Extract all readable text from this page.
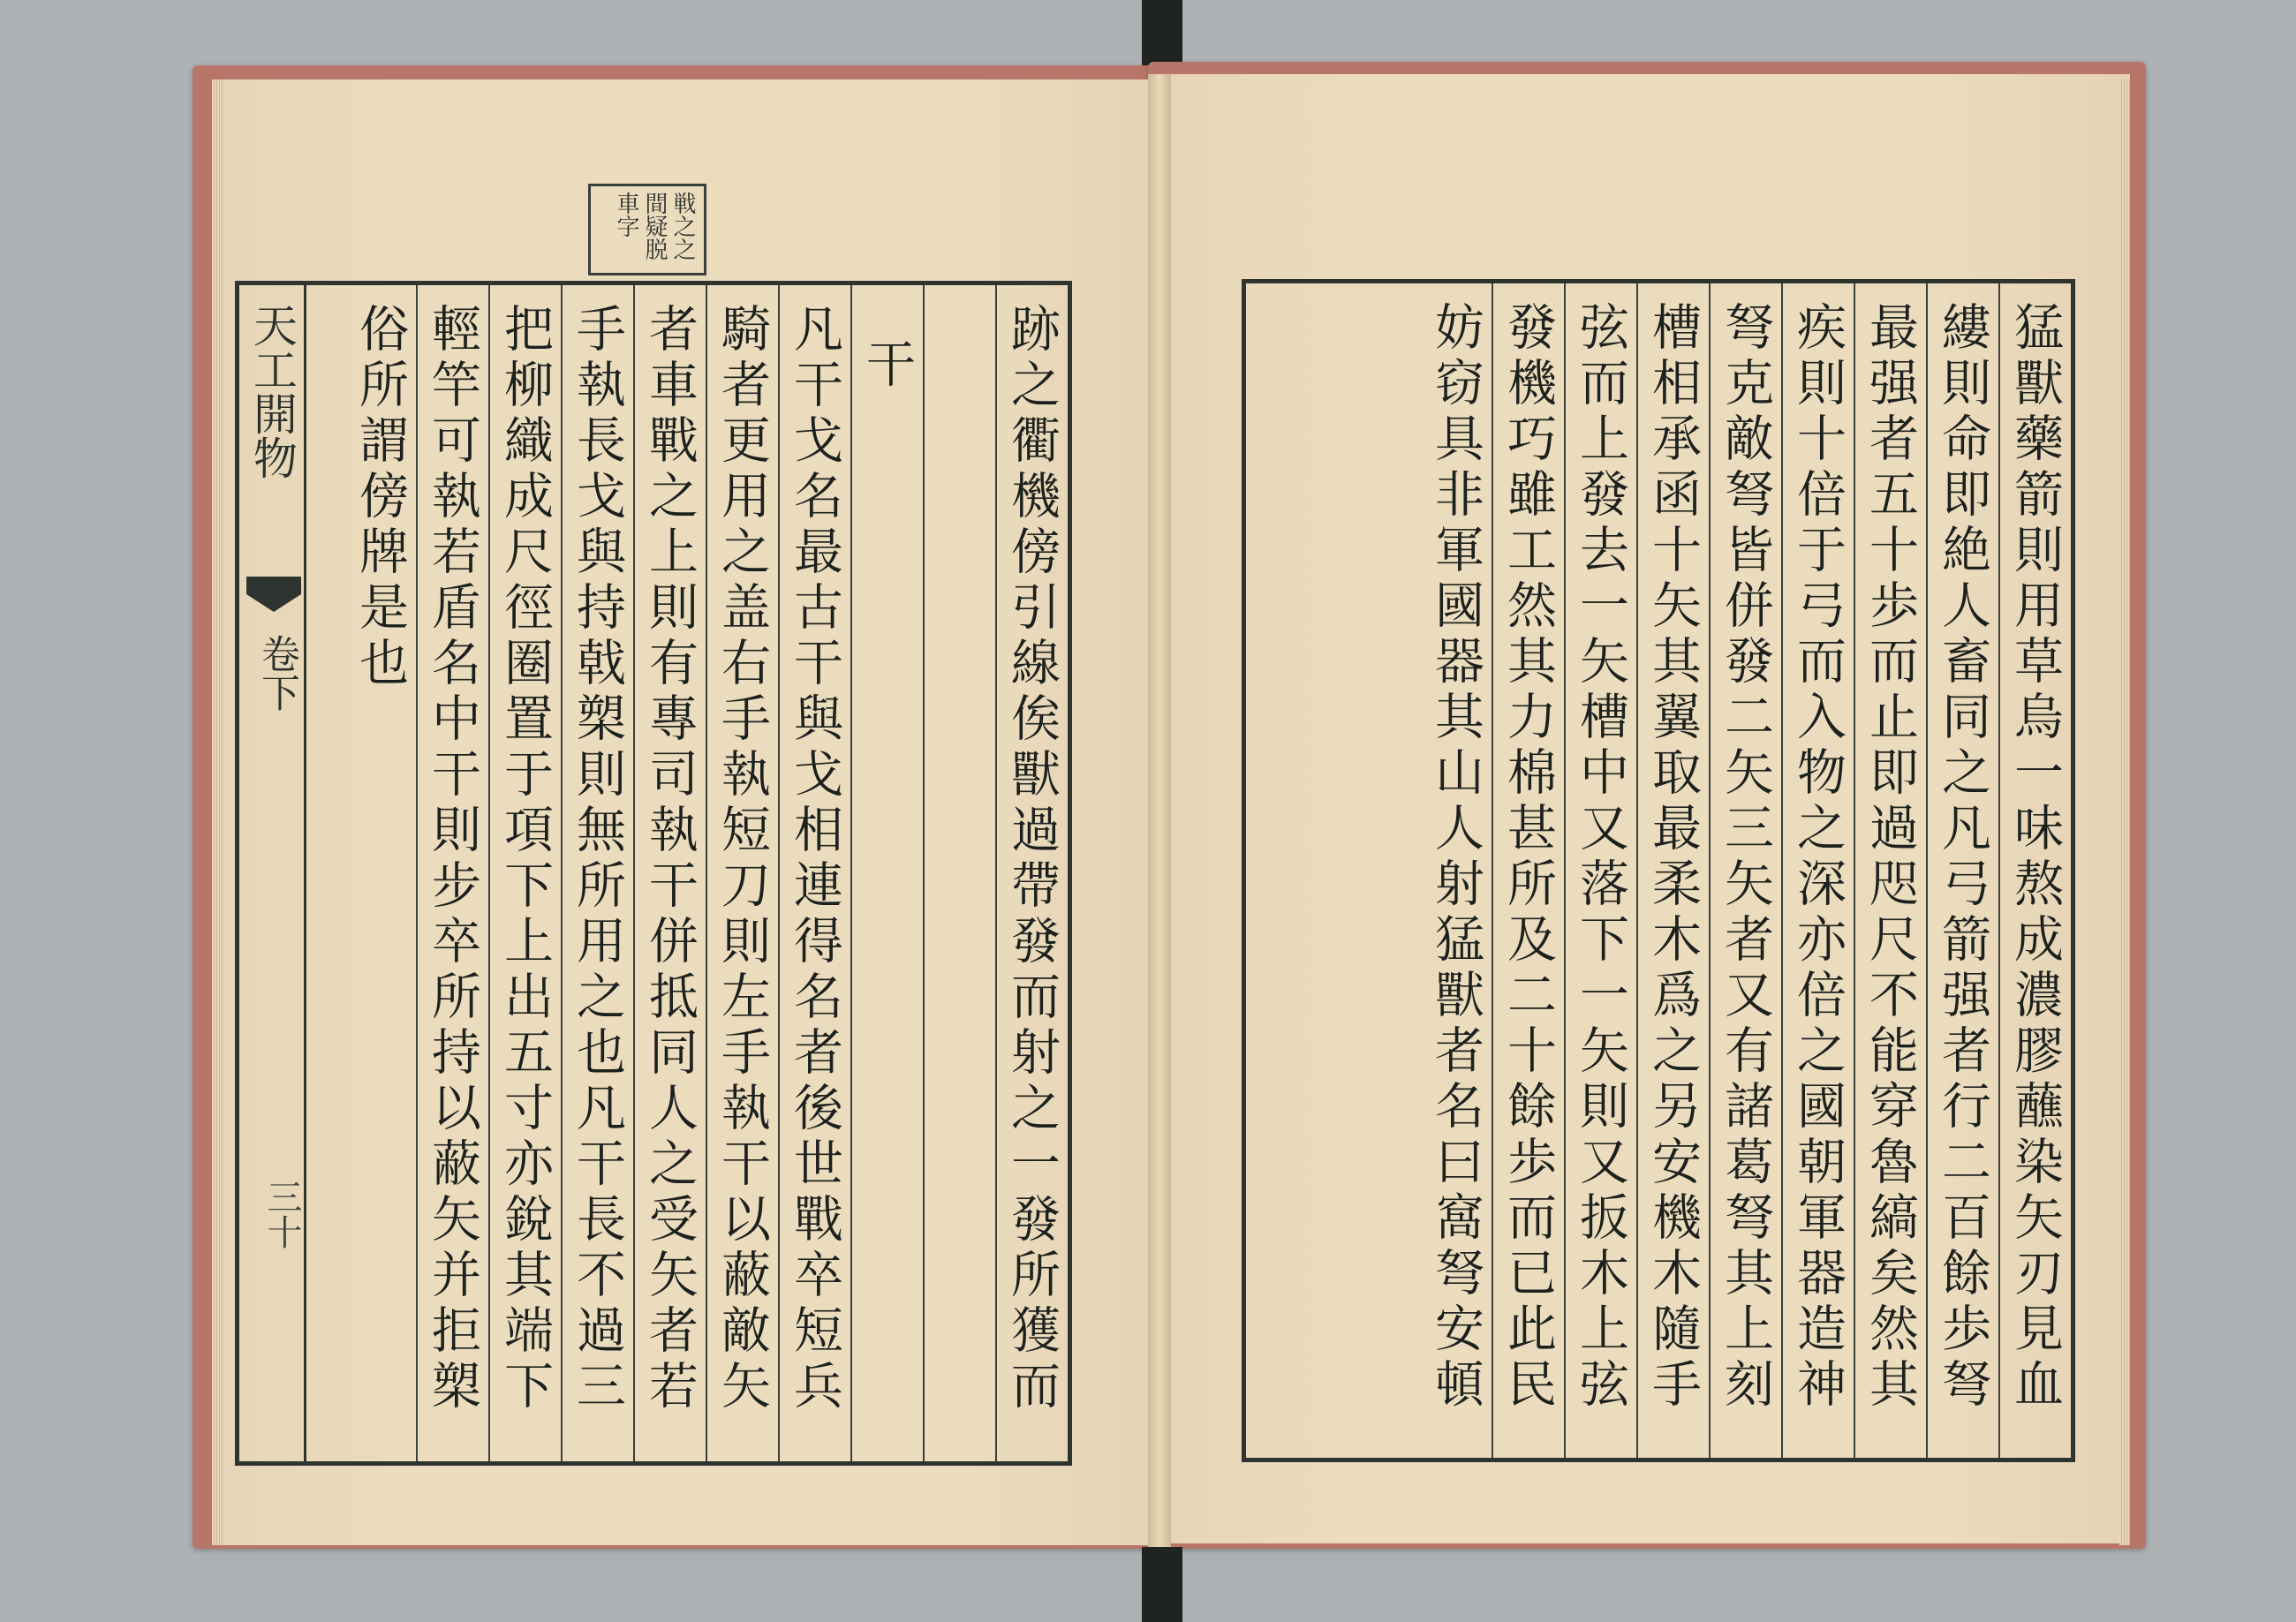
戦之之間疑脱車字
天工開物
卷下
三十
跡之衢機傍引線俟獸過帶發而射之一發所獲而
干
凡干戈名最古干與戈相連得名者後世戰卒短兵
騎者更用之盖右手執短刀則左手執干以蔽敵矢
者車戰之上則有專司執干併抵同人之受矢者若
手執長戈與持戟槊則無所用之也凡干長不過三
把柳織成尺徑圈置于項下上出五寸亦銳其端下
輕竿可執若盾名中干則步卒所持以蔽矢并拒槊
俗所謂傍牌是也	猛獸藥箭則用草烏一味熬成濃膠蘸染矢刃見血
縷則命即絶人畜同之凡弓箭强者行二百餘歩弩
最强者五十歩而止即過咫尺不能穿魯縞矣然其
疾則十倍于弓而入物之深亦倍之國朝軍器造神
弩克敵弩皆併發二矢三矢者又有諸葛弩其上刻
槽相承函十矢其翼取最柔木爲之另安機木隨手
弦而上發去一矢槽中又落下一矢則又扳木上弦
發機巧雖工然其力棉甚所及二十餘歩而已此民
妨窃具非軍國器其山人射猛獸者名曰窩弩安頓
